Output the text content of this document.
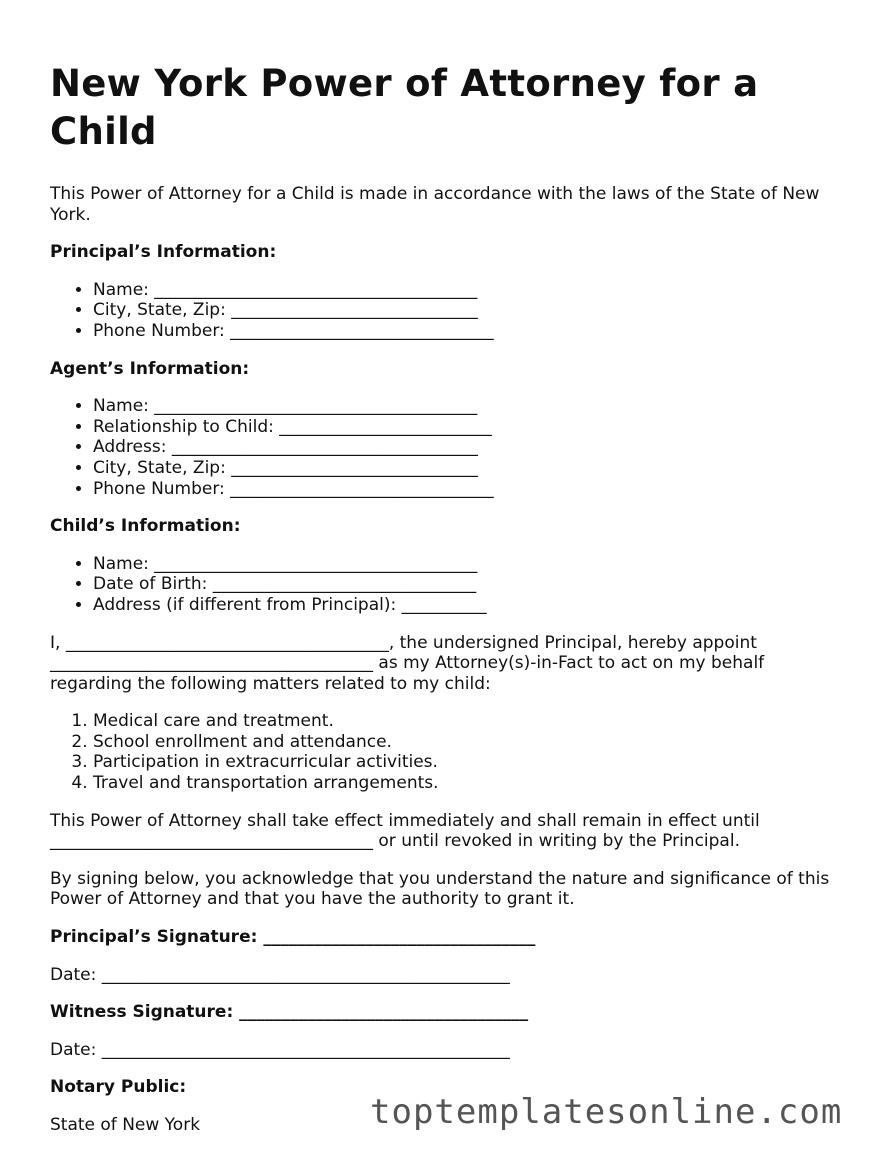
New York Power of Attorney for a Child

This Power of Attorney for a Child is made in accordance with the laws of the State of New York.

Principal’s Information:
• Name: ______________________________________
• City, State, Zip: _____________________________
• Phone Number: _______________________________
Agent’s Information:
• Name: ______________________________________
• Relationship to Child: _________________________
• Address: ____________________________________
• City, State, Zip: _____________________________
• Phone Number: _______________________________
Child’s Information:
• Name: ______________________________________
• Date of Birth: _______________________________
• Address (if different from Principal): __________

I, ______________________________________, the undersigned Principal, hereby appoint ______________________________________ as my Attorney(s)-in-Fact to act on my behalf regarding the following matters related to my child:

1. Medical care and treatment.
2. School enrollment and attendance.
3. Participation in extracurricular activities.
4. Travel and transportation arrangements.

This Power of Attorney shall take effect immediately and shall remain in effect until ______________________________________ or until revoked in writing by the Principal.

By signing below, you acknowledge that you understand the nature and significance of this Power of Attorney and that you have the authority to grant it.

Principal’s Signature: ________________________________

Date: ________________________________________________

Witness Signature: __________________________________

Date: ________________________________________________

Notary Public:

State of New York	toptemplatesonline.com
